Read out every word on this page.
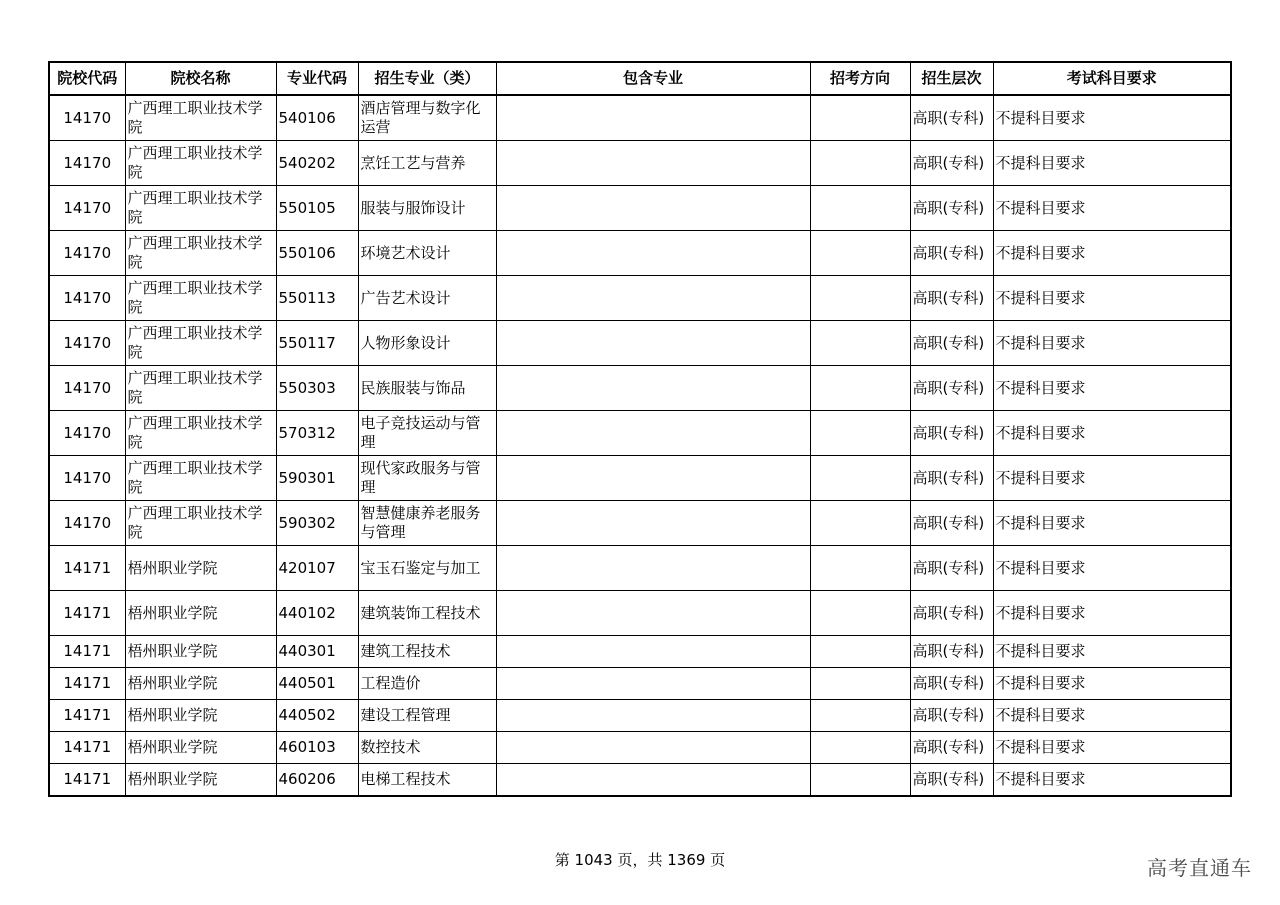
院校代码	院校名称	专业代码	招生专业（类）	包含专业	招考方向	招生层次	考试科目要求
14170	广西理工职业技术学院	540106	酒店管理与数字化运营			高职(专科)	不提科目要求
14170	广西理工职业技术学院	540202	烹饪工艺与营养			高职(专科)	不提科目要求
14170	广西理工职业技术学院	550105	服装与服饰设计			高职(专科)	不提科目要求
14170	广西理工职业技术学院	550106	环境艺术设计			高职(专科)	不提科目要求
14170	广西理工职业技术学院	550113	广告艺术设计			高职(专科)	不提科目要求
14170	广西理工职业技术学院	550117	人物形象设计			高职(专科)	不提科目要求
14170	广西理工职业技术学院	550303	民族服装与饰品			高职(专科)	不提科目要求
14170	广西理工职业技术学院	570312	电子竞技运动与管理			高职(专科)	不提科目要求
14170	广西理工职业技术学院	590301	现代家政服务与管理			高职(专科)	不提科目要求
14170	广西理工职业技术学院	590302	智慧健康养老服务与管理			高职(专科)	不提科目要求
14171	梧州职业学院	420107	宝玉石鉴定与加工			高职(专科)	不提科目要求
14171	梧州职业学院	440102	建筑装饰工程技术			高职(专科)	不提科目要求
14171	梧州职业学院	440301	建筑工程技术			高职(专科)	不提科目要求
14171	梧州职业学院	440501	工程造价			高职(专科)	不提科目要求
14171	梧州职业学院	440502	建设工程管理			高职(专科)	不提科目要求
14171	梧州职业学院	460103	数控技术			高职(专科)	不提科目要求
14171	梧州职业学院	460206	电梯工程技术			高职(专科)	不提科目要求
第 1043 页，共 1369 页	高考直通车
